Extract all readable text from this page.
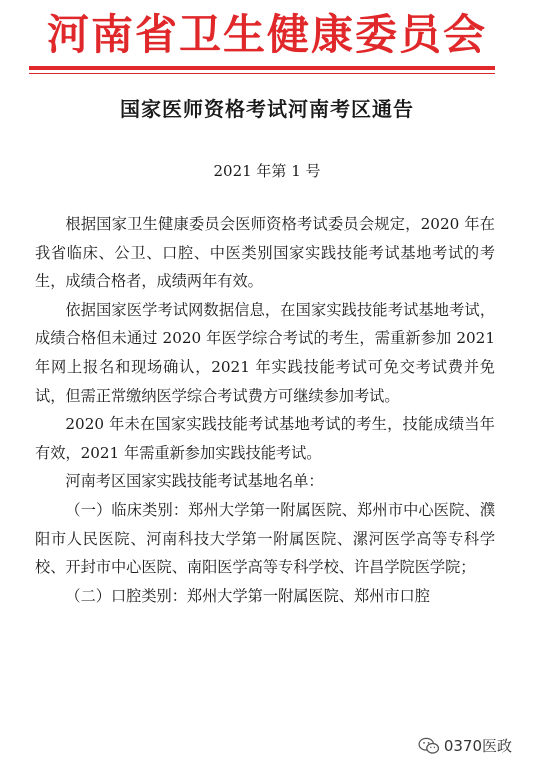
河南省卫生健康委员会
国家医师资格考试河南考区通告
2021 年第 1 号

根据国家卫生健康委员会医师资格考试委员会规定，2020 年在我省临床、公卫、口腔、中医类别国家实践技能考试基地考试的考生，成绩合格者，成绩两年有效。

依据国家医学考试网数据信息，在国家实践技能考试基地考试，成绩合格但未通过 2020 年医学综合考试的考生，需重新参加 2021 年网上报名和现场确认，2021 年实践技能考试可免交考试费并免试，但需正常缴纳医学综合考试费方可继续参加考试。

2020 年未在国家实践技能考试基地考试的考生，技能成绩当年有效，2021 年需重新参加实践技能考试。

河南考区国家实践技能考试基地名单：

（一）临床类别：郑州大学第一附属医院、郑州市中心医院、濮阳市人民医院、河南科技大学第一附属医院、漯河医学高等专科学校、开封市中心医院、南阳医学高等专科学校、许昌学院医学院；

（二）口腔类别：郑州大学第一附属医院、郑州市口腔

0370医政
